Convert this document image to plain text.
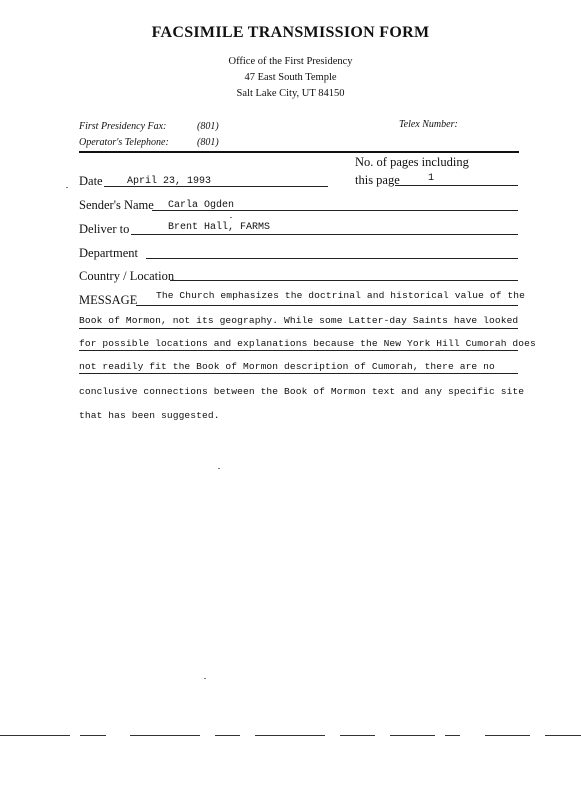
FACSIMILE TRANSMISSION FORM
Office of the First Presidency
47 East South Temple
Salt Lake City, UT 84150
First Presidency Fax:	(801)	Telex Number:
Operator's Telephone:	(801)
No. of pages including
this page	1
Date April 23, 1993
Sender's Name Carla Ogden
Deliver to	Brent Hall, FARMS
Department
Country / Location
MESSAGE The Church emphasizes the doctrinal and historical value of the
Book of Mormon, not its geography. While some Latter-day Saints have looked
for possible locations and explanations because the New York Hill Cumorah does
not readily fit the Book of Mormon description of Cumorah, there are no
conclusive connections between the Book of Mormon text and any specific site
that has been suggested.
